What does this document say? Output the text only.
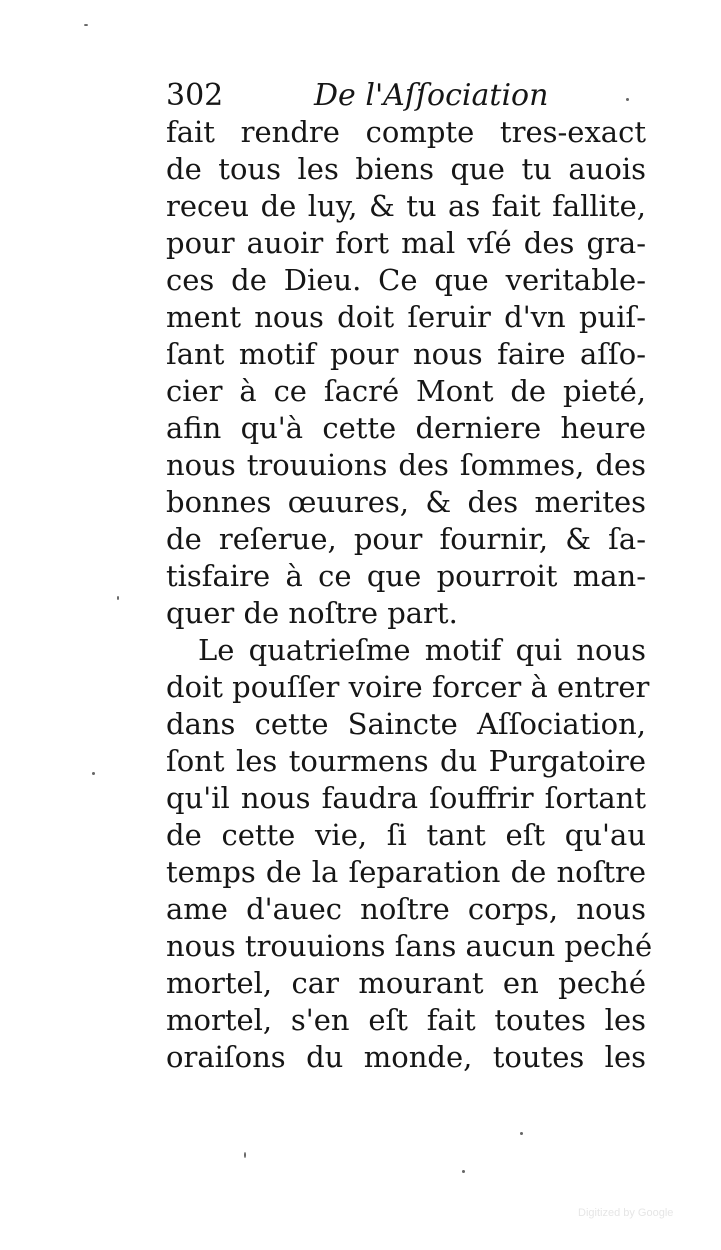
302	De l'Aſſociation
fait rendre compte tres-exact
de tous les biens que tu auois
receu de luy, & tu as fait fallite,
pour auoir fort mal vſé des gra-
ces de Dieu. Ce que veritable-
ment nous doit ſeruir d'vn puiſ-
ſant motif pour nous faire aſſo-
cier à ce ſacré Mont de pieté,
afin qu'à cette derniere heure
nous trouuions des ſommes, des
bonnes œuures, & des merites
de reſerue, pour fournir, & ſa-
tisfaire à ce que pourroit man-
quer de noſtre part.
Le quatrieſme motif qui nous
doit pouſſer voire forcer à entrer
dans cette Saincte Aſſociation,
ſont les tourmens du Purgatoire
qu'il nous faudra ſouffrir ſortant
de cette vie, ſi tant eſt qu'au
temps de la ſeparation de noſtre
ame d'auec noſtre corps, nous
nous trouuions ſans aucun peché
mortel, car mourant en peché
mortel, s'en eſt fait toutes les
oraiſons du monde, toutes les
Digitized by Google
